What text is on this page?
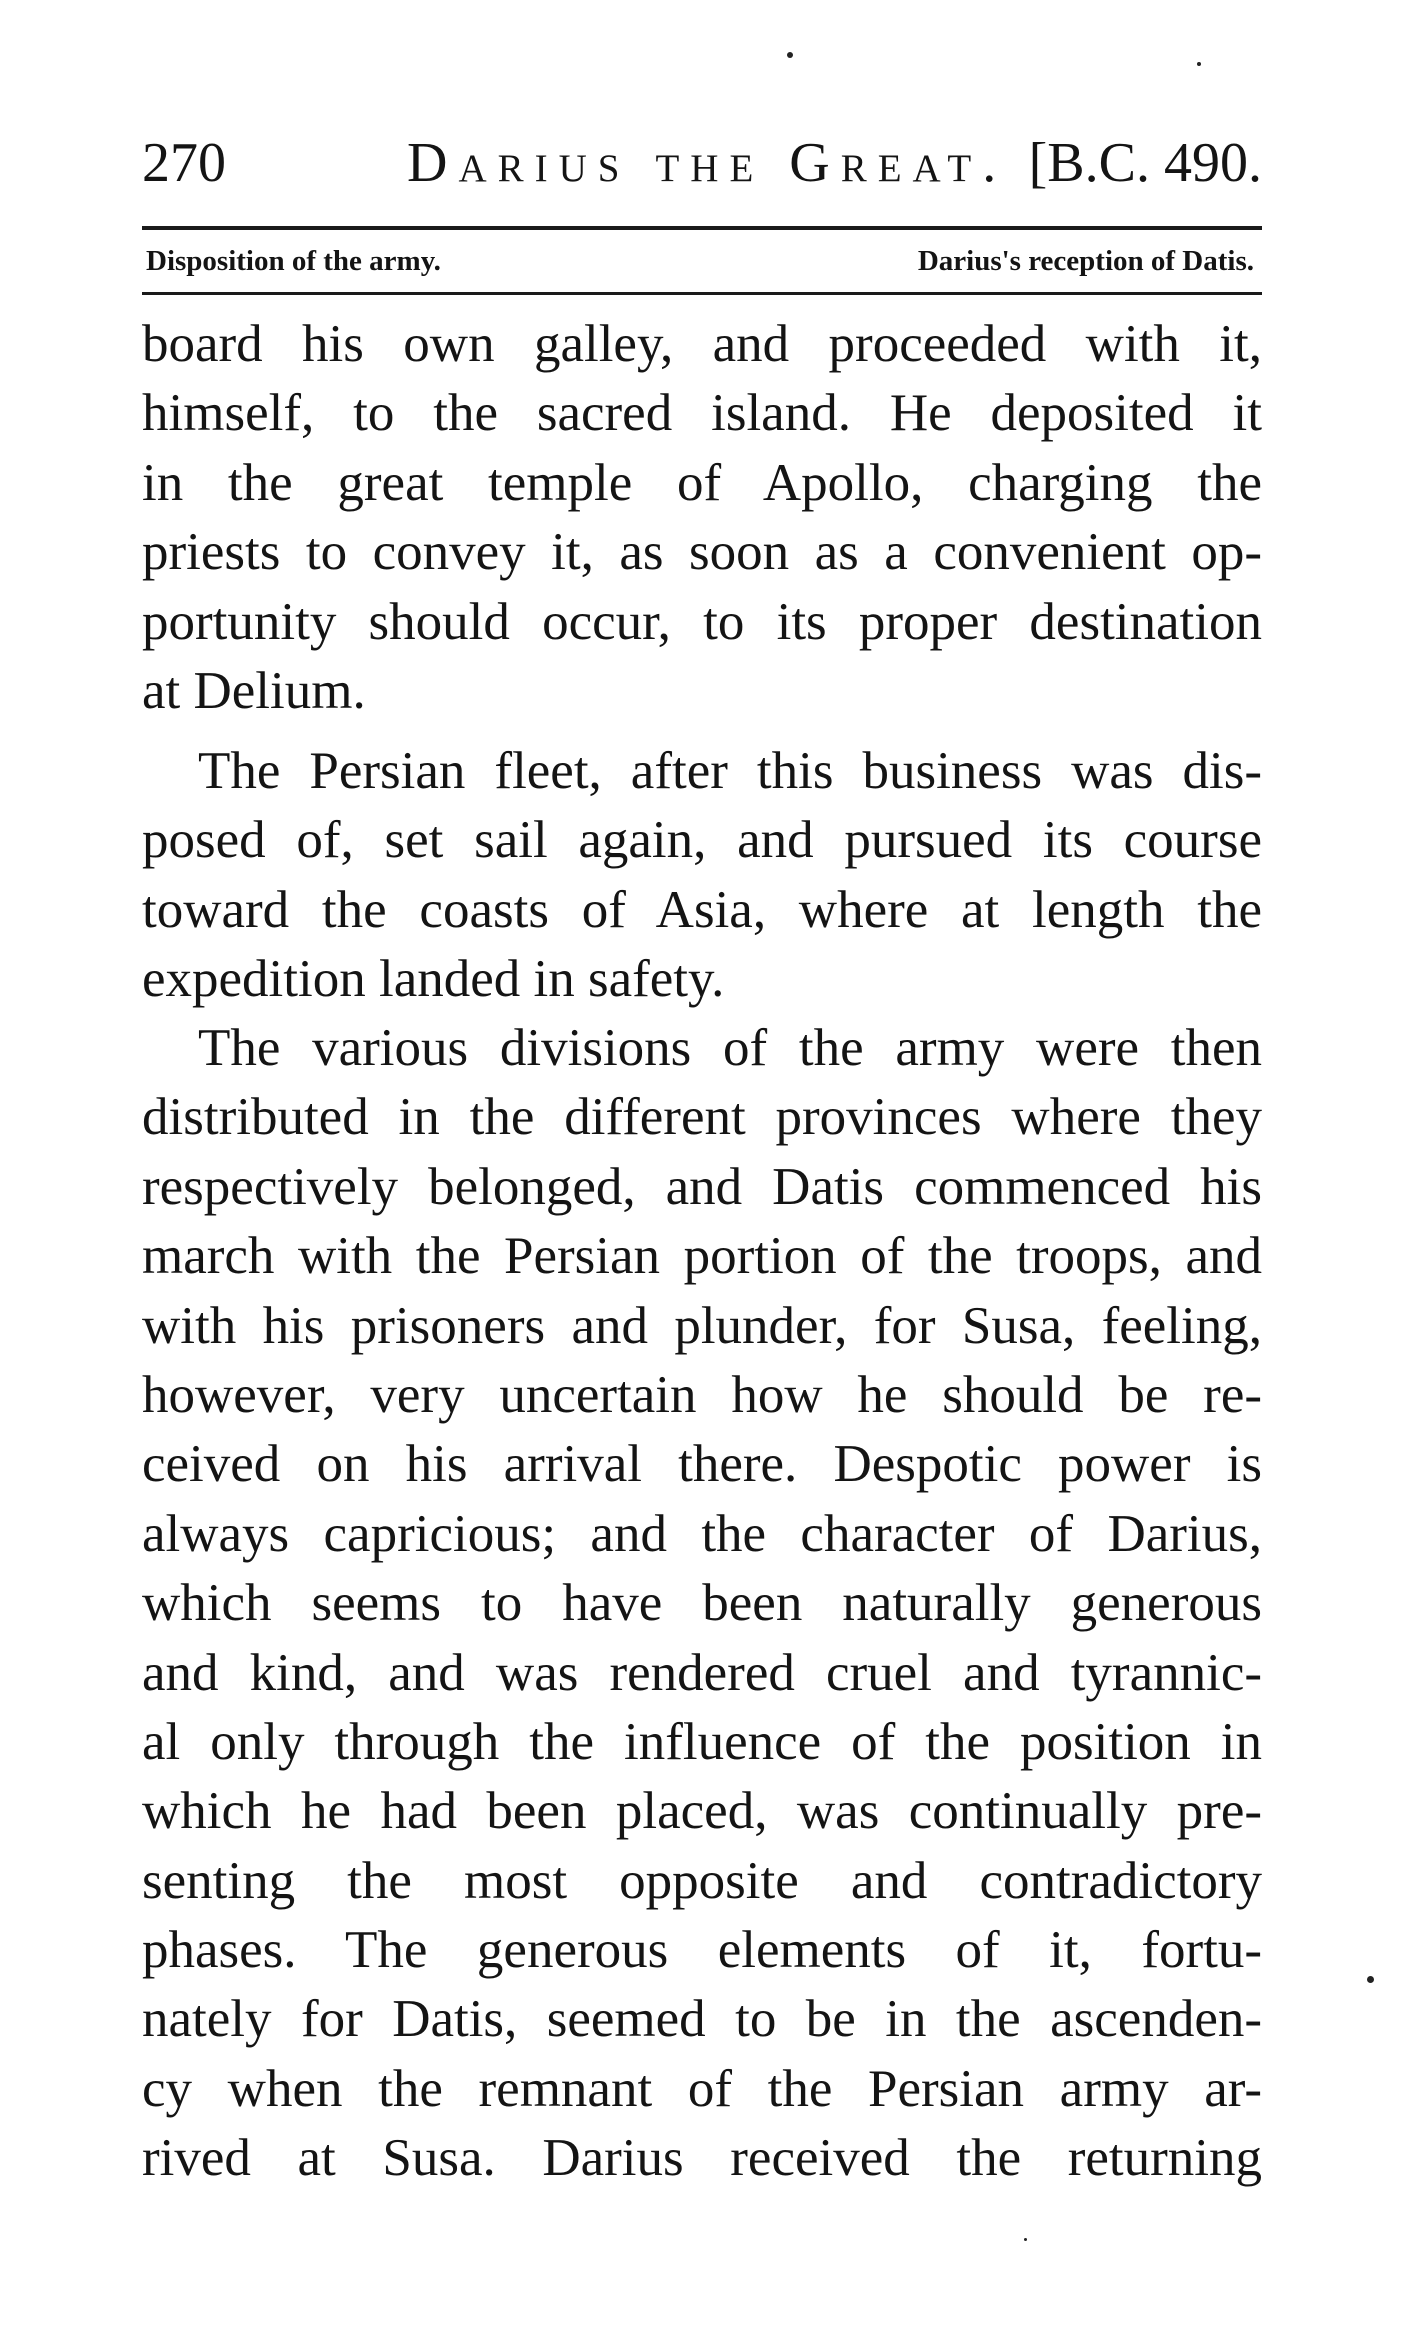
270	Darius the Great. [B.C. 490.
Disposition of the army.	Darius's reception of Datis.
board his own galley, and proceeded with it,
himself, to the sacred island. He deposited it
in the great temple of Apollo, charging the
priests to convey it, as soon as a convenient op-
portunity should occur, to its proper destination
at Delium.
The Persian fleet, after this business was dis-
posed of, set sail again, and pursued its course
toward the coasts of Asia, where at length the
expedition landed in safety.
The various divisions of the army were then
distributed in the different provinces where they
respectively belonged, and Datis commenced his
march with the Persian portion of the troops, and
with his prisoners and plunder, for Susa, feeling,
however, very uncertain how he should be re-
ceived on his arrival there. Despotic power is
always capricious; and the character of Darius,
which seems to have been naturally generous
and kind, and was rendered cruel and tyrannic-
al only through the influence of the position in
which he had been placed, was continually pre-
senting the most opposite and contradictory
phases. The generous elements of it, fortu-
nately for Datis, seemed to be in the ascenden-
cy when the remnant of the Persian army ar-
rived at Susa. Darius received the returning
